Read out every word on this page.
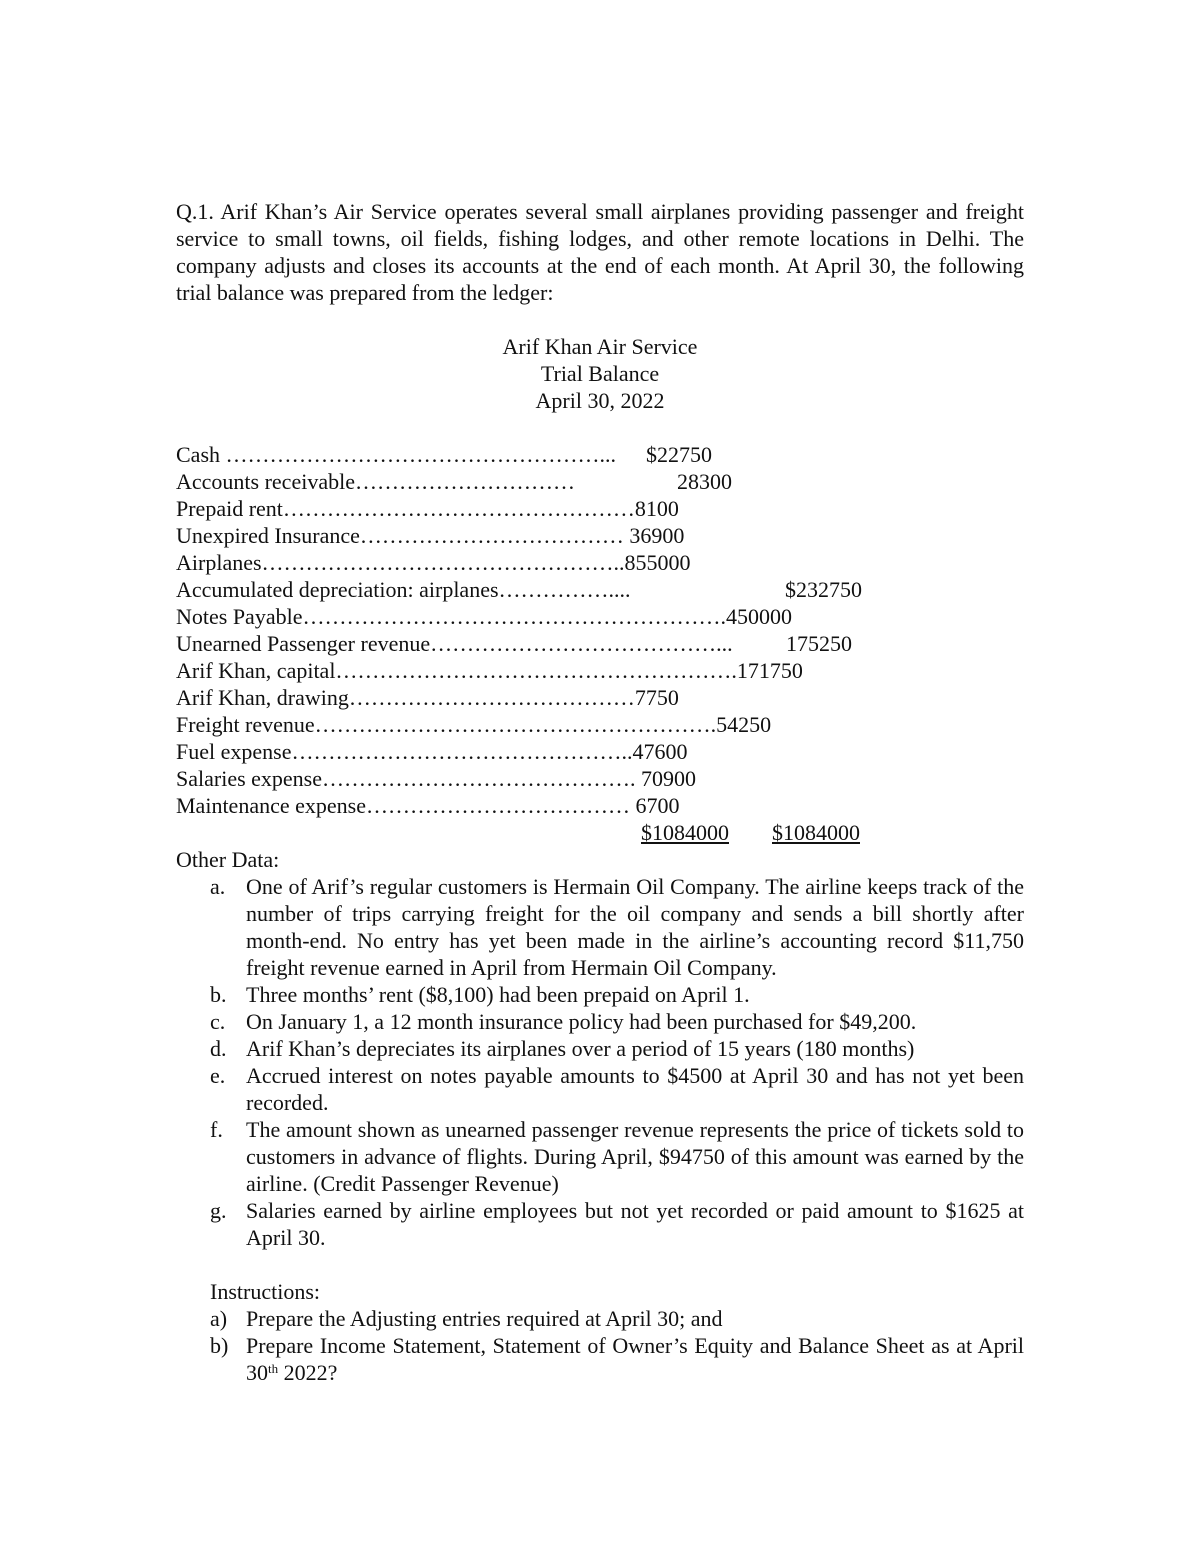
Q.1. Arif Khan’s Air Service operates several small airplanes providing passenger and freight service to small towns, oil fields, fishing lodges, and other remote locations in Delhi. The company adjusts and closes its accounts at the end of each month. At April 30, the following trial balance was prepared from the ledger:

Arif Khan Air Service
Trial Balance
April 30, 2022
Cash ……………………………………………... $22750
Accounts receivable…………………………	28300
Prepaid rent…………………………………………8100
Unexpired Insurance……………………………… 36900
Airplanes…………………………………………..855000
Accumulated depreciation: airplanes……………....	$232750
Notes Payable………………………………………………….450000
Unearned Passenger revenue…………………………………... 175250
Arif Khan, capital……………………………………………….171750
Arif Khan, drawing…………………………………7750
Freight revenue……………………………………………….54250
Fuel expense………………………………………..47600
Salaries expense……………………………………. 70900
Maintenance expense……………………………… 6700
$1084000 $1084000
Other Data:

a. One of Arif’s regular customers is Hermain Oil Company. The airline keeps track of the number of trips carrying freight for the oil company and sends a bill shortly after month-end. No entry has yet been made in the airline’s accounting record $11,750 freight revenue earned in April from Hermain Oil Company.

b. Three months’ rent ($8,100) had been prepaid on April 1.

c. On January 1, a 12 month insurance policy had been purchased for $49,200.

d. Arif Khan’s depreciates its airplanes over a period of 15 years (180 months)

e. Accrued interest on notes payable amounts to $4500 at April 30 and has not yet been recorded.

f. The amount shown as unearned passenger revenue represents the price of tickets sold to customers in advance of flights. During April, $94750 of this amount was earned by the airline. (Credit Passenger Revenue)

g. Salaries earned by airline employees but not yet recorded or paid amount to $1625 at April 30.

Instructions:

a) Prepare the Adjusting entries required at April 30; and

b) Prepare Income Statement, Statement of Owner’s Equity and Balance Sheet as at April 30th 2022?
